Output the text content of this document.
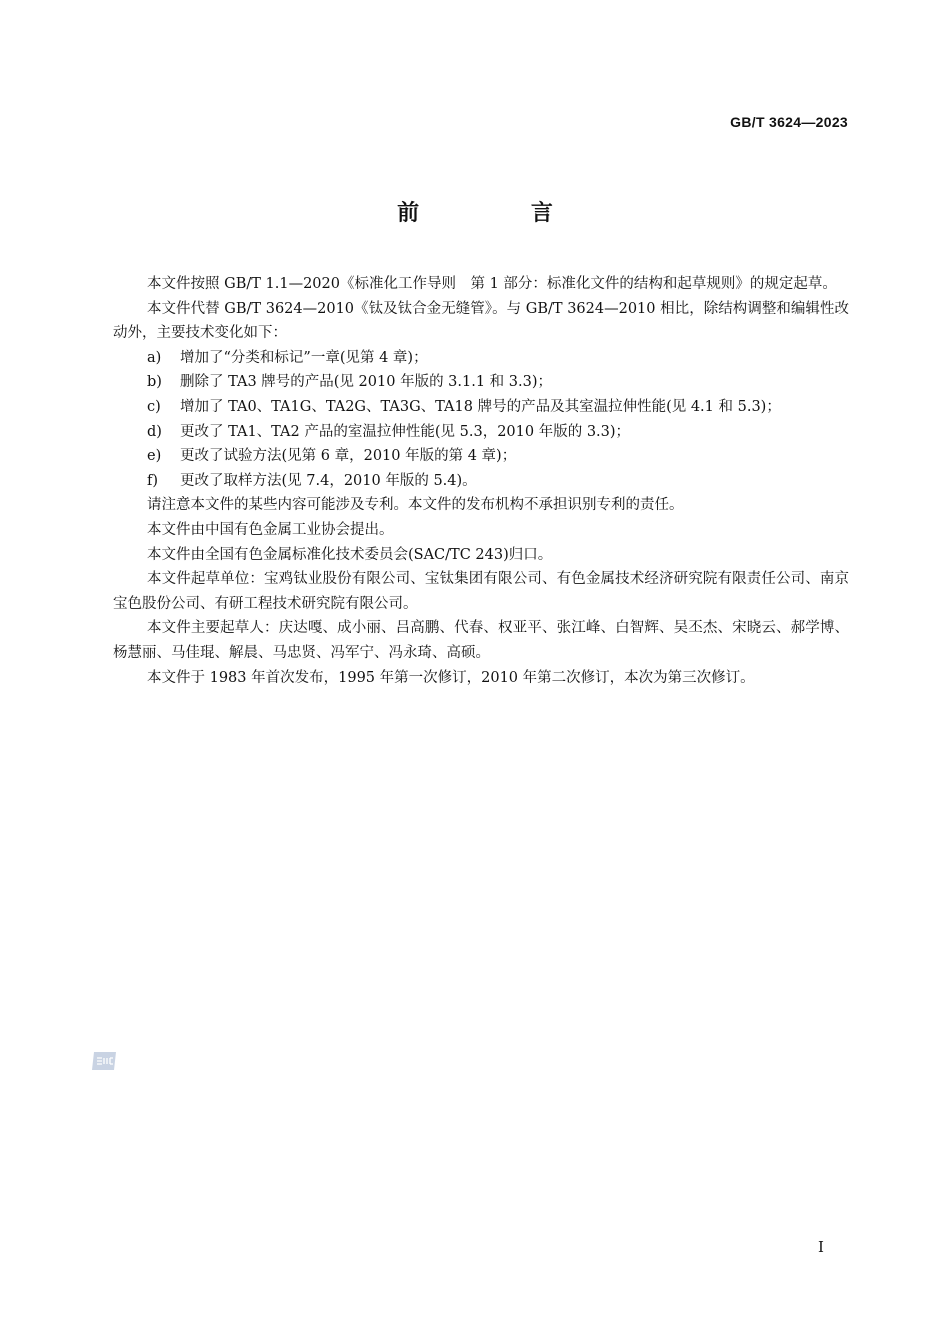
GB/T 3624—2023
前 言

本文件按照 GB/T 1.1—2020《标准化工作导则　第 1 部分：标准化文件的结构和起草规则》的规定起草。

本文件代替 GB/T 3624—2010《钛及钛合金无缝管》。与 GB/T 3624—2010 相比，除结构调整和编辑性改动外，主要技术变化如下：

a) 增加了“分类和标记”一章(见第 4 章)；

b) 删除了 TA3 牌号的产品(见 2010 年版的 3.1.1 和 3.3)；

c) 增加了 TA0、TA1G、TA2G、TA3G、TA18 牌号的产品及其室温拉伸性能(见 4.1 和 5.3)；

d) 更改了 TA1、TA2 产品的室温拉伸性能(见 5.3，2010 年版的 3.3)；

e) 更改了试验方法(见第 6 章，2010 年版的第 4 章)；

f) 更改了取样方法(见 7.4，2010 年版的 5.4)。

请注意本文件的某些内容可能涉及专利。本文件的发布机构不承担识别专利的责任。

本文件由中国有色金属工业协会提出。

本文件由全国有色金属标准化技术委员会(SAC/TC 243)归口。

本文件起草单位：宝鸡钛业股份有限公司、宝钛集团有限公司、有色金属技术经济研究院有限责任公司、南京宝色股份公司、有研工程技术研究院有限公司。

本文件主要起草人：庆达嘎、成小丽、吕高鹏、代春、权亚平、张江峰、白智辉、吴丕杰、宋晓云、郝学博、杨慧丽、马佳琨、解晨、马忠贤、冯军宁、冯永琦、高硕。

本文件于 1983 年首次发布，1995 年第一次修订，2010 年第二次修订，本次为第三次修订。

I
